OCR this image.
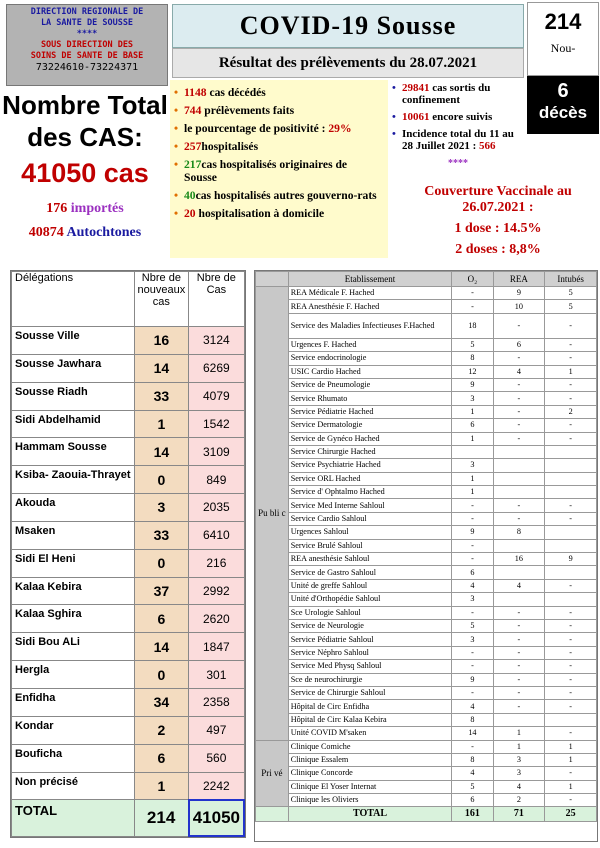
DIRECTION REGIONALE DE
LA SANTE DE SOUSSE
****
SOUS DIRECTION DES
SOINS DE SANTE DE BASE
73224610-73224371
COVID-19 Sousse
Résultat des prélèvements du 28.07.2021
214
Nou-
6
décès
Nombre Total
des CAS:
41050 cas
176 importés
40874 Autochtones
• 1148 cas décédés
• 744 prélèvements faits
• le pourcentage de positivité : 29%
• 257hospitalisés
• 217cas hospitalisés originaires de Sousse
• 40cas hospitalisés autres gouverno-rats
• 20 hospitalisation à domicile
• 29841 cas sortis du confinement
• 10061 encore suivis
• Incidence total du 11 au 28 Juillet 2021 : 566
****
Couverture Vaccinale au 26.07.2021 :
1 dose : 14.5%
2 doses : 8,8%
Délégations	Nbre de nouveaux cas	Nbre de Cas
Sousse Ville	16	3124
Sousse Jawhara	14	6269
Sousse Riadh	33	4079
Sidi Abdelhamid	1	1542
Hammam Sousse	14	3109
Ksiba- Zaouia-Thrayet	0	849
Akouda	3	2035
Msaken	33	6410
Sidi El Heni	0	216
Kalaa Kebira	37	2992
Kalaa Sghira	6	2620
Sidi Bou ALi	14	1847
Hergla	0	301
Enfidha	34	2358
Kondar	2	497
Bouficha	6	560
Non précisé	1	2242
TOTAL	214	41050
	Etablissement	O₂	REA	Intubés
Pu bli c	REA Médicale F. Hached	-	9	5
	REA Anesthésie F. Hached	-	10	5
	Service des Maladies Infectieuses F.Hached	18	-	-
	Urgences F. Hached	5	6	-
	Service endocrinologie	8	-	-
	USIC Cardio Hached	12	4	1
	Service de Pneumologie	9	-	-
	Service Rhumato	3	-	-
	Service Pédiatrie Hached	1	-	2
	Service Dermatologie	6	-	-
	Service de Gynéco Hached	1	-	-
	Service Chirurgie Hached			
	Service Psychiatrie Hached	3		
	Service ORL Hached	1		
	Service d' Ophtalmo Hached	1		
	Service Med Interne Sahloul	-	-	-
	Service Cardio Sahloul	-	-	-
	Urgences Sahloul	9	8	
	Service Brulé Sahloul	-		
	REA anesthésie Sahloul	-	16	9
	Service de Gastro Sahloul	6		
	Unité de greffe Sahloul	4	4	-
	Unité d'Orthopédie Sahloul	3		
	Sce Urologie Sahloul	-	-	-
	Service de Neurologie	5	-	-
	Service Pédiatrie Sahloul	3	-	-
	Service Néphro Sahloul	-	-	-
	Service Med Physq Sahloul	-	-	-
	Sce de neurochirurgie	9	-	-
	Service de Chirurgie Sahloul	-	-	-
	Hôpital de Circ Enfidha	4	-	-
	Hôpital de Circ Kalaa Kebira	8		
	Unité COVID M'saken	14	1	-
Pri vé	Clinique Comiche	-	1	1
	Clinique Essalem	8	3	1
	Clinique Concorde	4	3	-
	Clinique El Yoser Internat	5	4	1
	Clinique les Oliviers	6	2	-
	TOTAL	161	71	25
